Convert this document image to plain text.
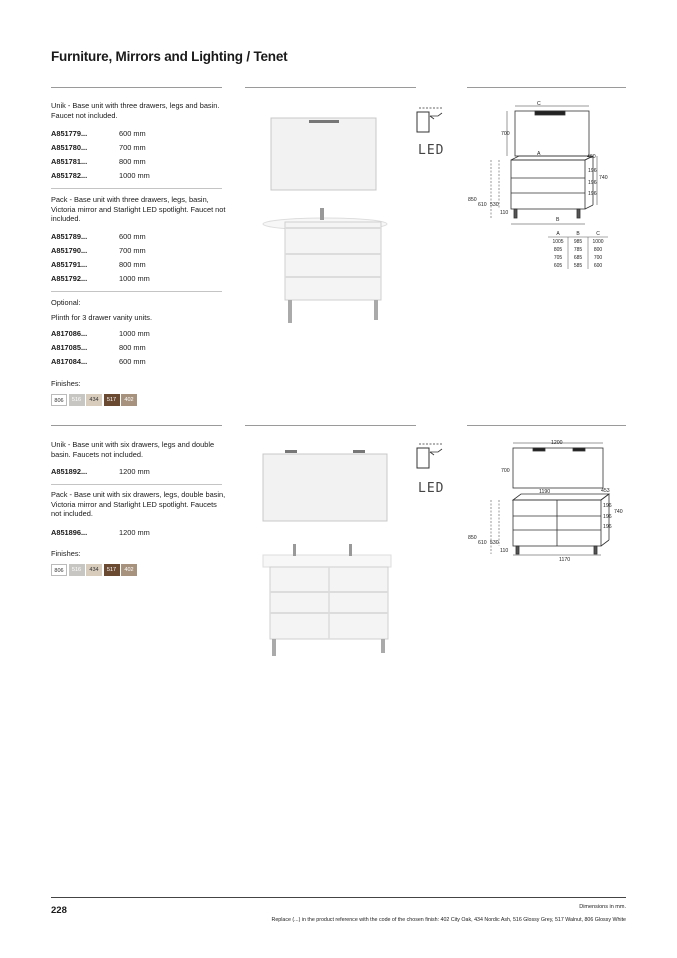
Furniture, Mirrors and Lighting / Tenet
Unik - Base unit with three drawers, legs and basin. Faucet not included.
A851779...	600 mm
A851780...	700 mm
A851781...	800 mm
A851782...	1000 mm
Pack - Base unit with three drawers, legs, basin, Victoria mirror and Starlight LED spotlight. Faucet not included.
A851789...	600 mm
A851790...	700 mm
A851791...	800 mm
A851792...	1000 mm
Optional:
Plinth for 3 drawer vanity units.
A817086...	1000 mm
A817085...	800 mm
A817084...	600 mm
Finishes:
806	516	434	517	402
LED
C
700
A	460
740
196
196
196
850
610 530
110
B
A	B	C
1005 985 1000
805 785 800
705 685 700
605 585 600
Unik - Base unit with six drawers, legs and double basin. Faucets not included.
A851892...	1200 mm
Pack - Base unit with six drawers, legs, double basin, Victoria mirror and Starlight LED spotlight. Faucets not included.
A851896...	1200 mm
Finishes:
806	516	434	517	402
LED
1200
700
1190	453
740
196
196
196
850
610 530
110
1170
228	Dimensions in mm.
Replace (...) in the product reference with the code of the chosen finish: 402 City Oak, 434 Nordic Ash, 516 Glossy Grey, 517 Walnut, 806 Glossy White
